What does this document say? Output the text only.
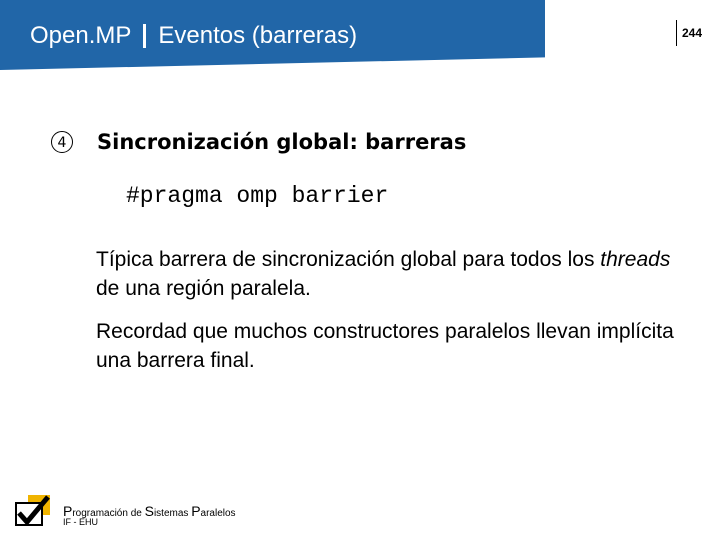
Open.MP Eventos (barreras)	244
4	Sincronización global: barreras
#pragma omp barrier
Típica barrera de sincronización global para todos los threads de una región paralela.
Recordad que muchos constructores paralelos llevan implícita una barrera final.
Programación de Sistemas Paralelos
IF - EHU
